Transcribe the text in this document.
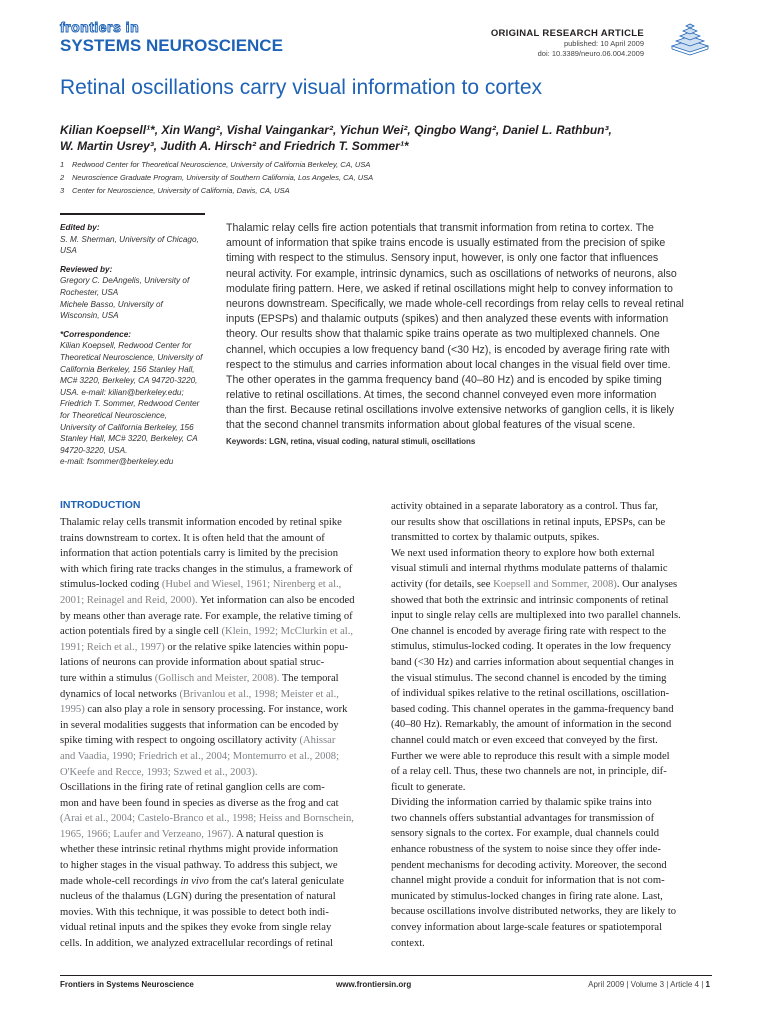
frontiers in
SYSTEMS NEUROSCIENCE
ORIGINAL RESEARCH ARTICLE
published: 10 April 2009
doi: 10.3389/neuro.06.004.2009
Retinal oscillations carry visual information to cortex
Kilian Koepsell¹*, Xin Wang², Vishal Vaingankar², Yichun Wei², Qingbo Wang², Daniel L. Rathbun³,
W. Martin Usrey³, Judith A. Hirsch² and Friedrich T. Sommer¹*
1 Redwood Center for Theoretical Neuroscience, University of California Berkeley, CA, USA
2 Neuroscience Graduate Program, University of Southern California, Los Angeles, CA, USA
3 Center for Neuroscience, University of California, Davis, CA, USA
Edited by:
S. M. Sherman, University of Chicago,
USA
Reviewed by:
Gregory C. DeAngelis, University of
Rochester, USA
Michele Basso, University of
Wisconsin, USA
*Correspondence:
Kilian Koepsell, Redwood Center for
Theoretical Neuroscience, University of
California Berkeley, 156 Stanley Hall,
MC# 3220, Berkeley, CA 94720-3220,
USA. e-mail: kilian@berkeley.edu;
Friedrich T. Sommer, Redwood Center
for Theoretical Neuroscience,
University of California Berkeley, 156
Stanley Hall, MC# 3220, Berkeley, CA
94720-3220, USA.
e-mail: fsommer@berkeley.edu
Thalamic relay cells fire action potentials that transmit information from retina to cortex. The
amount of information that spike trains encode is usually estimated from the precision of spike
timing with respect to the stimulus. Sensory input, however, is only one factor that influences
neural activity. For example, intrinsic dynamics, such as oscillations of networks of neurons, also
modulate firing pattern. Here, we asked if retinal oscillations might help to convey information to
neurons downstream. Specifically, we made whole-cell recordings from relay cells to reveal retinal
inputs (EPSPs) and thalamic outputs (spikes) and then analyzed these events with information
theory. Our results show that thalamic spike trains operate as two multiplexed channels. One
channel, which occupies a low frequency band (<30 Hz), is encoded by average firing rate with
respect to the stimulus and carries information about local changes in the visual field over time.
The other operates in the gamma frequency band (40–80 Hz) and is encoded by spike timing
relative to retinal oscillations. At times, the second channel conveyed even more information
than the first. Because retinal oscillations involve extensive networks of ganglion cells, it is likely
that the second channel transmits information about global features of the visual scene.
Keywords: LGN, retina, visual coding, natural stimuli, oscillations
INTRODUCTION
Thalamic relay cells transmit information encoded by retinal spike
trains downstream to cortex. It is often held that the amount of
information that action potentials carry is limited by the precision
with which firing rate tracks changes in the stimulus, a framework of
stimulus-locked coding (Hubel and Wiesel, 1961; Nirenberg et al.,
2001; Reinagel and Reid, 2000). Yet information can also be encoded
by means other than average rate. For example, the relative timing of
action potentials fired by a single cell (Klein, 1992; McClurkin et al.,
1991; Reich et al., 1997) or the relative spike latencies within popu-
lations of neurons can provide information about spatial struc-
ture within a stimulus (Gollisch and Meister, 2008). The temporal
dynamics of local networks (Brivanlou et al., 1998; Meister et al.,
1995) can also play a role in sensory processing. For instance, work
in several modalities suggests that information can be encoded by
spike timing with respect to ongoing oscillatory activity (Ahissar
and Vaadia, 1990; Friedrich et al., 2004; Montemurro et al., 2008;
O'Keefe and Recce, 1993; Szwed et al., 2003).
Oscillations in the firing rate of retinal ganglion cells are com-
mon and have been found in species as diverse as the frog and cat
(Arai et al., 2004; Castelo-Branco et al., 1998; Heiss and Bornschein,
1965, 1966; Laufer and Verzeano, 1967). A natural question is
whether these intrinsic retinal rhythms might provide information
to higher stages in the visual pathway. To address this subject, we
made whole-cell recordings in vivo from the cat's lateral geniculate
nucleus of the thalamus (LGN) during the presentation of natural
movies. With this technique, it was possible to detect both indi-
vidual retinal inputs and the spikes they evoke from single relay
cells. In addition, we analyzed extracellular recordings of retinal
activity obtained in a separate laboratory as a control. Thus far,
our results show that oscillations in retinal inputs, EPSPs, can be
transmitted to cortex by thalamic outputs, spikes.
We next used information theory to explore how both external
visual stimuli and internal rhythms modulate patterns of thalamic
activity (for details, see Koepsell and Sommer, 2008). Our analyses
showed that both the extrinsic and intrinsic components of retinal
input to single relay cells are multiplexed into two parallel channels.
One channel is encoded by average firing rate with respect to the
stimulus, stimulus-locked coding. It operates in the low frequency
band (<30 Hz) and carries information about sequential changes in
the visual stimulus. The second channel is encoded by the timing
of individual spikes relative to the retinal oscillations, oscillation-
based coding. This channel operates in the gamma-frequency band
(40–80 Hz). Remarkably, the amount of information in the second
channel could match or even exceed that conveyed by the first.
Further we were able to reproduce this result with a simple model
of a relay cell. Thus, these two channels are not, in principle, dif-
ficult to generate.
Dividing the information carried by thalamic spike trains into
two channels offers substantial advantages for transmission of
sensory signals to the cortex. For example, dual channels could
enhance robustness of the system to noise since they offer inde-
pendent mechanisms for decoding activity. Moreover, the second
channel might provide a conduit for information that is not com-
municated by stimulus-locked changes in firing rate alone. Last,
because oscillations involve distributed networks, they are likely to
convey information about large-scale features or spatiotemporal
context.
Frontiers in Systems Neuroscience	www.frontiersin.org	April 2009 | Volume 3 | Article 4 | 1
